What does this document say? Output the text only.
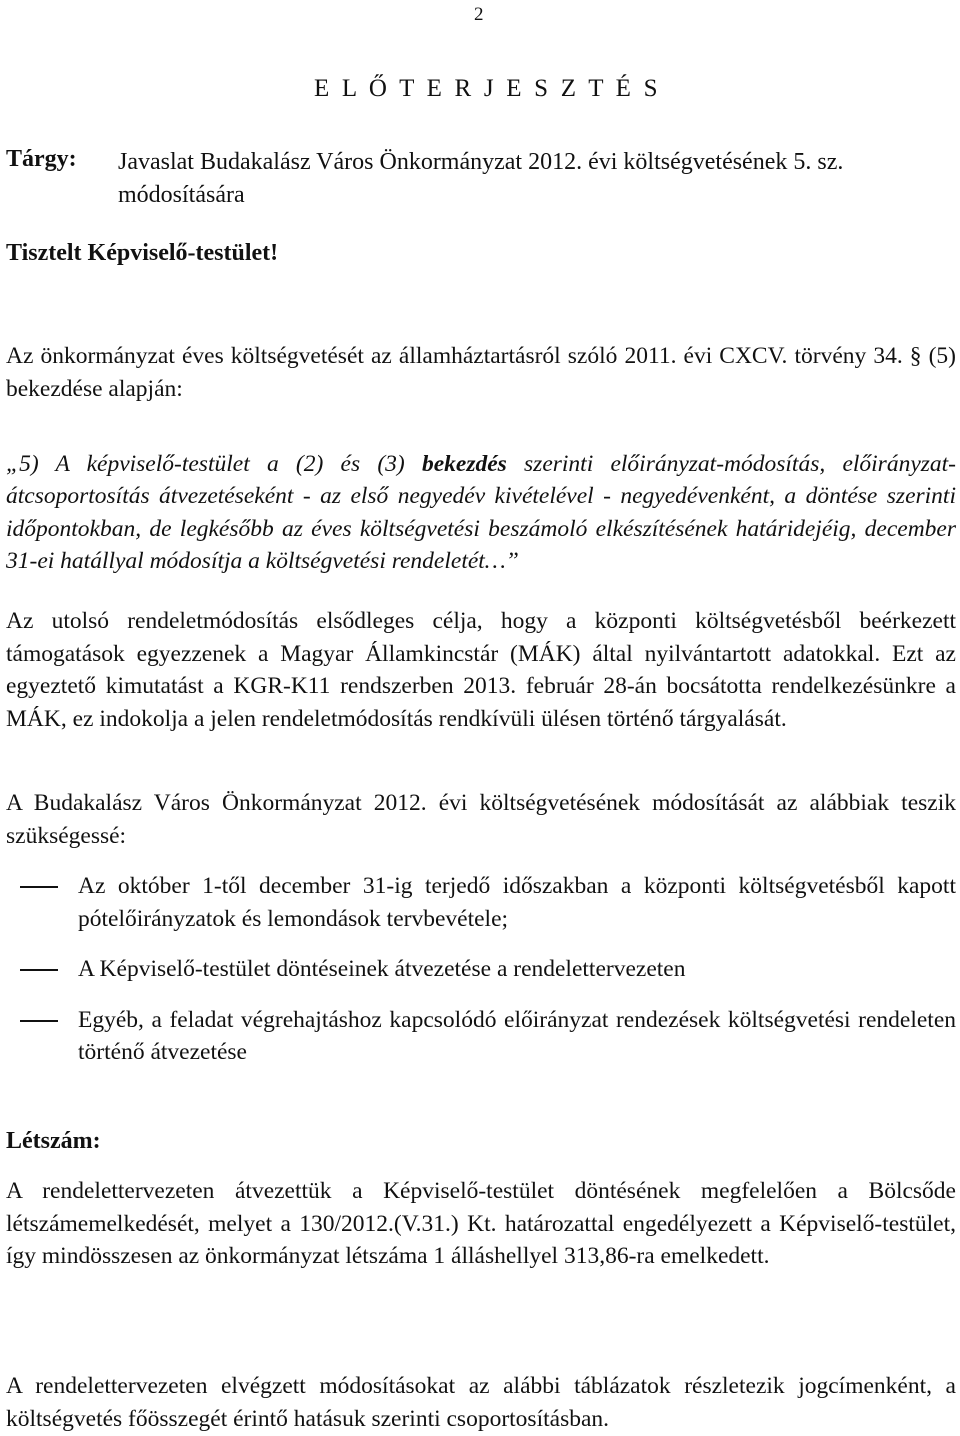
2
E L Ő T E R J E S Z T É S
Tárgy: Javaslat Budakalász Város Önkormányzat 2012. évi költségvetésének 5. sz. módosítására
Tisztelt Képviselő-testület!

Az önkormányzat éves költségvetését az államháztartásról szóló 2011. évi CXCV. törvény 34. § (5) bekezdése alapján:

„5) A képviselő-testület a (2) és (3) bekezdés szerinti előirányzat-módosítás, előirányzat-átcsoportosítás átvezetéseként - az első negyedév kivételével - negyedévenként, a döntése szerinti időpontokban, de legkésőbb az éves költségvetési beszámoló elkészítésének határidejéig, december 31-ei hatállyal módosítja a költségvetési rendeletét…”

Az utolsó rendeletmódosítás elsődleges célja, hogy a központi költségvetésből beérkezett támogatások egyezzenek a Magyar Államkincstár (MÁK) által nyilvántartott adatokkal. Ezt az egyeztető kimutatást a KGR-K11 rendszerben 2013. február 28-án bocsátotta rendelkezésünkre a MÁK, ez indokolja a jelen rendeletmódosítás rendkívüli ülésen történő tárgyalását.

A Budakalász Város Önkormányzat 2012. évi költségvetésének módosítását az alábbiak teszik szükségessé:

Az október 1-től december 31-ig terjedő időszakban a központi költségvetésből kapott pótelőirányzatok és lemondások tervbevétele;
A Képviselő-testület döntéseinek átvezetése a rendelettervezeten
Egyéb, a feladat végrehajtáshoz kapcsolódó előirányzat rendezések költségvetési rendeleten történő átvezetése
Létszám:

A rendelettervezeten átvezettük a Képviselő-testület döntésének megfelelően a Bölcsőde létszámemelkedését, melyet a 130/2012.(V.31.) Kt. határozattal engedélyezett a Képviselő-testület, így mindösszesen az önkormányzat létszáma 1 álláshellyel 313,86-ra emelkedett.

A rendelettervezeten elvégzett módosításokat az alábbi táblázatok részletezik jogcímenként, a költségvetés főösszegét érintő hatásuk szerinti csoportosításban.
